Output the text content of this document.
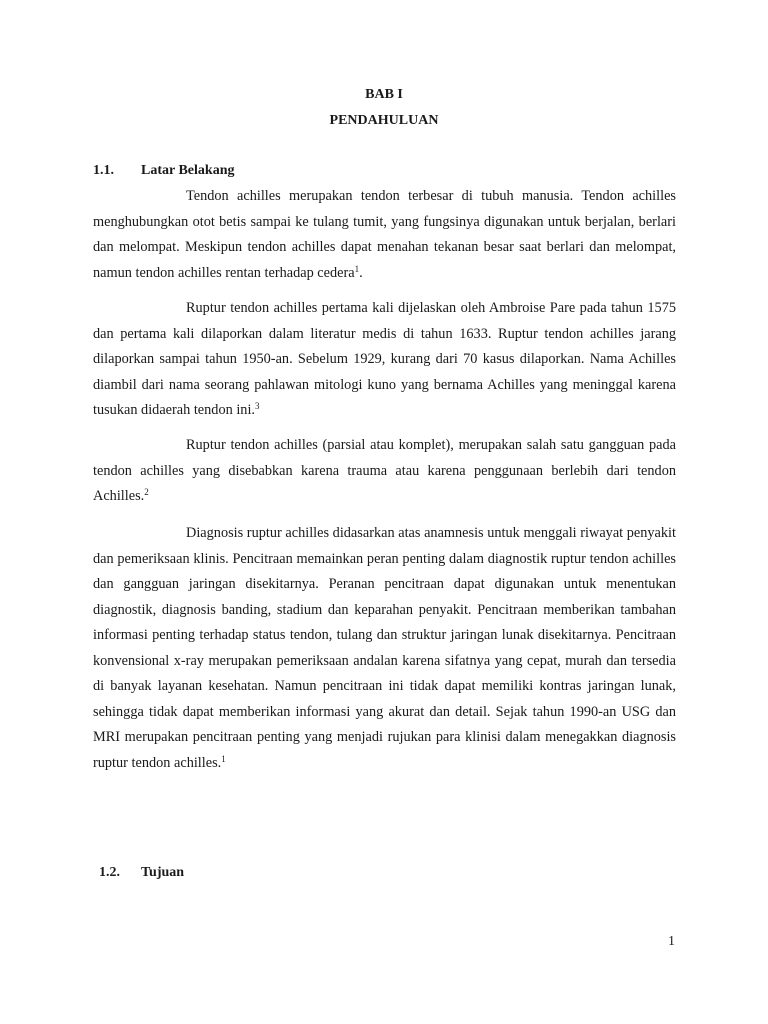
BAB I
PENDAHULUAN
1.1. Latar Belakang

Tendon achilles merupakan tendon terbesar di tubuh manusia. Tendon achilles menghubungkan otot betis sampai ke tulang tumit, yang fungsinya digunakan untuk berjalan, berlari dan melompat. Meskipun tendon achilles dapat menahan tekanan besar saat berlari dan melompat, namun tendon achilles rentan terhadap cedera$^1$.

Ruptur tendon achilles pertama kali dijelaskan oleh Ambroise Pare pada tahun 1575 dan pertama kali dilaporkan dalam literatur medis di tahun 1633. Ruptur tendon achilles jarang dilaporkan sampai tahun 1950-an. Sebelum 1929, kurang dari 70 kasus dilaporkan. Nama Achilles diambil dari nama seorang pahlawan mitologi kuno yang bernama Achilles yang meninggal karena tusukan didaerah tendon ini.$^3$

Ruptur tendon achilles (parsial atau komplet), merupakan salah satu gangguan pada tendon achilles yang disebabkan karena trauma atau karena penggunaan berlebih dari tendon Achilles.$^2$

Diagnosis ruptur achilles didasarkan atas anamnesis untuk menggali riwayat penyakit dan pemeriksaan klinis. Pencitraan memainkan peran penting dalam diagnostik ruptur tendon achilles dan gangguan jaringan disekitarnya. Peranan pencitraan dapat digunakan untuk menentukan diagnostik, diagnosis banding, stadium dan keparahan penyakit. Pencitraan memberikan tambahan informasi penting terhadap status tendon, tulang dan struktur jaringan lunak disekitarnya. Pencitraan konvensional x-ray merupakan pemeriksaan andalan karena sifatnya yang cepat, murah dan tersedia di banyak layanan kesehatan. Namun pencitraan ini tidak dapat memiliki kontras jaringan lunak, sehingga tidak dapat memberikan informasi yang akurat dan detail. Sejak tahun 1990-an USG dan MRI merupakan pencitraan penting yang menjadi rujukan para klinisi dalam menegakkan diagnosis ruptur tendon achilles.$^1$

1.2. Tujuan
1
